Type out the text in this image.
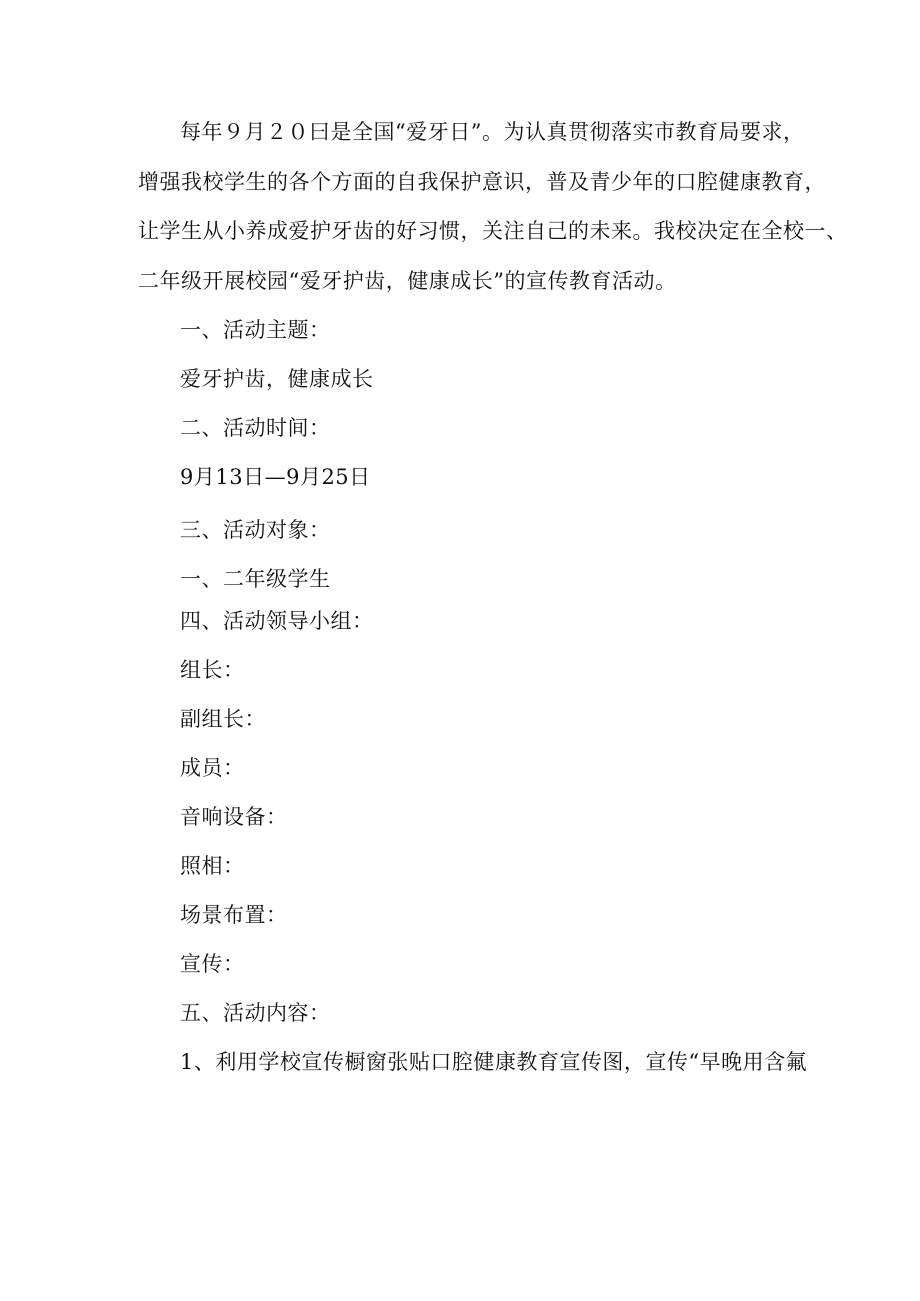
每年９月２０曰是全国“爱牙日”。为认真贯彻落实市教育局要求，
增强我校学生的各个方面的自我保护意识，普及青少年的口腔健康教育，
让学生从小养成爱护牙齿的好习惯，关注自己的未来。我校决定在全校一、
二年级开展校园“爱牙护齿，健康成长”的宣传教育活动。
一、活动主题：
爱牙护齿，健康成长
二、活动时间：
9月13日—9月25日
三、活动对象：
一、二年级学生
四、活动领导小组：
组长：
副组长：
成员：
音响设备：
照相：
场景布置：
宣传：
五、活动内容：
1、利用学校宣传橱窗张贴口腔健康教育宣传图，宣传“早晚用含氟
